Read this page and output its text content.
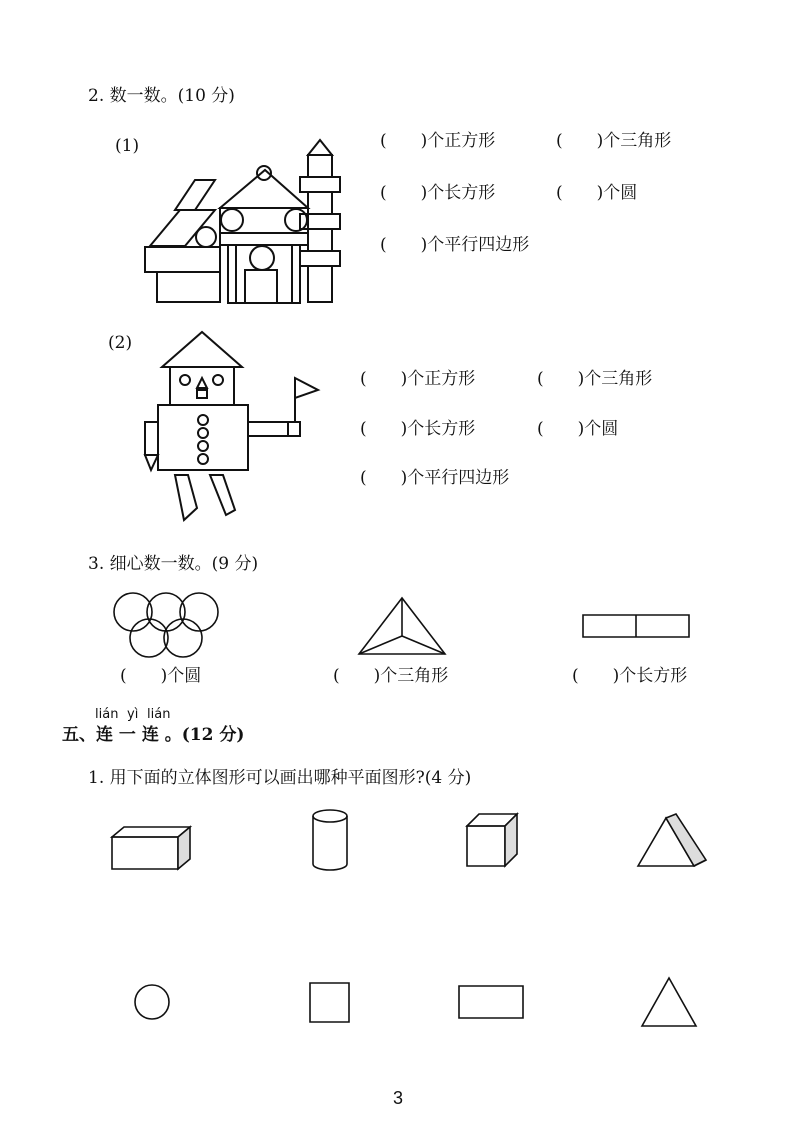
2. 数一数。(10 分)
(1)	(　　)个正方形	(　　)个三角形
(　　)个长方形	(　　)个圆
(　　)个平行四边形
(2)
(　　)个正方形	(　　)个三角形
(　　)个长方形	(　　)个圆
(　　)个平行四边形
3. 细心数一数。(9 分)
(　　)个圆	(　　)个三角形	(　　)个长方形
lián yì lián
五、连 一 连 。(12 分)
1. 用下面的立体图形可以画出哪种平面图形?(4 分)
3
